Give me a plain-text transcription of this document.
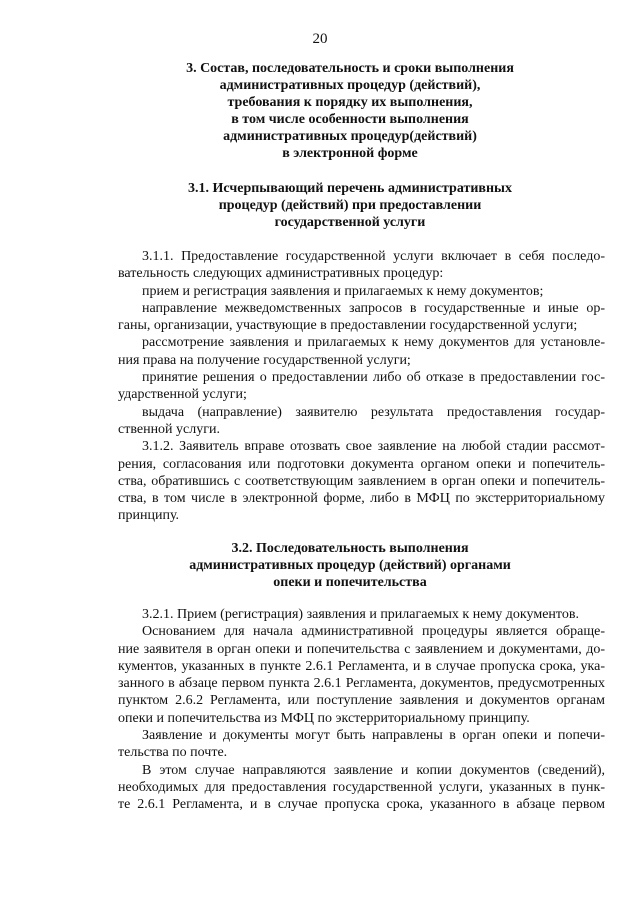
20
3. Состав, последовательность и сроки выполнения
административных процедур (действий),
требования к порядку их выполнения,
в том числе особенности выполнения
административных процедур(действий)
в электронной форме
3.1. Исчерпывающий перечень административных
процедур (действий) при предоставлении
государственной услуги
3.1.1. Предоставление государственной услуги включает в себя последо-
вательность следующих административных процедур:
прием и регистрация заявления и прилагаемых к нему документов;
направление межведомственных запросов в государственные и иные ор-
ганы, организации, участвующие в предоставлении государственной услуги;
рассмотрение заявления и прилагаемых к нему документов для установле-
ния права на получение государственной услуги;
принятие решения о предоставлении либо об отказе в предоставлении гос-
ударственной услуги;
выдача (направление) заявителю результата предоставления государ-
ственной услуги.
3.1.2. Заявитель вправе отозвать свое заявление на любой стадии рассмот-
рения, согласования или подготовки документа органом опеки и попечитель-
ства, обратившись с соответствующим заявлением в орган опеки и попечитель-
ства, в том числе в электронной форме, либо в МФЦ по экстерриториальному
принципу.
3.2. Последовательность выполнения
административных процедур (действий) органами
опеки и попечительства
3.2.1. Прием (регистрация) заявления и прилагаемых к нему документов.
Основанием для начала административной процедуры является обраще-
ние заявителя в орган опеки и попечительства с заявлением и документами, до-
кументов, указанных в пункте 2.6.1 Регламента, и в случае пропуска срока, ука-
занного в абзаце первом пункта 2.6.1 Регламента, документов, предусмотренных
пунктом 2.6.2 Регламента, или поступление заявления и документов органам
опеки и попечительства из МФЦ по экстерриториальному принципу.
Заявление и документы могут быть направлены в орган опеки и попечи-
тельства по почте.
В этом случае направляются заявление и копии документов (сведений),
необходимых для предоставления государственной услуги, указанных в пунк-
те 2.6.1 Регламента, и в случае пропуска срока, указанного в абзаце первом
